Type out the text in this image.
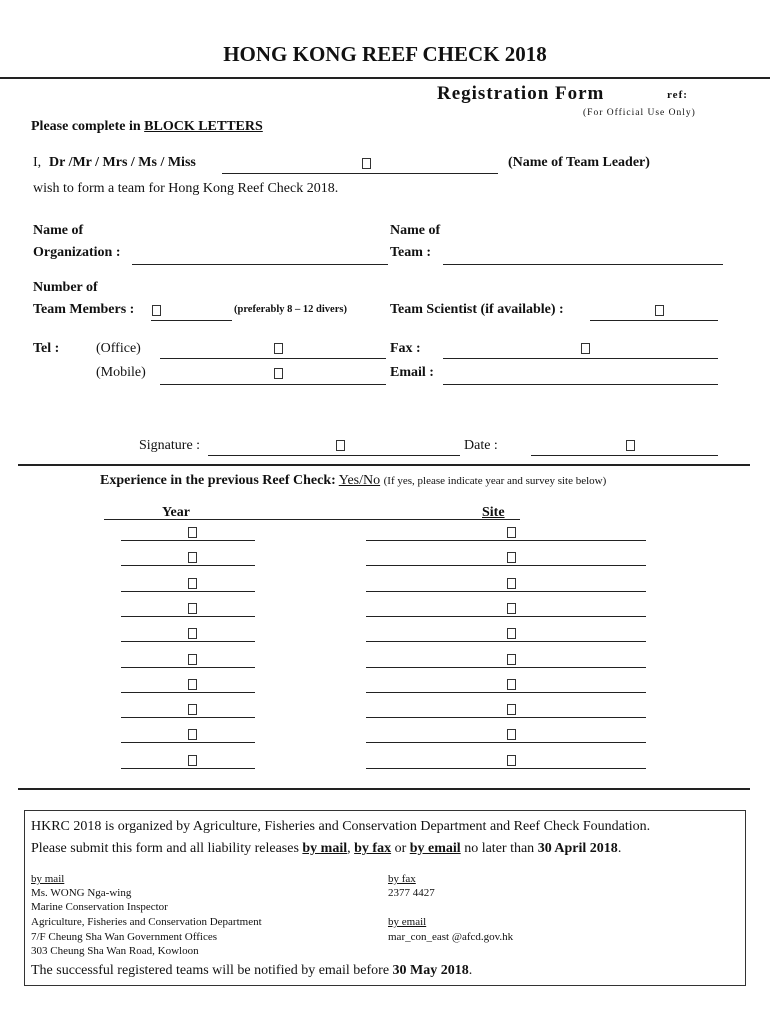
HONG KONG REEF CHECK 2018
Registration Form	ref:
(For Official Use Only)
Please complete in BLOCK LETTERS
I, Dr /Mr / Mrs / Ms / Miss	(Name of Team Leader)
wish to form a team for Hong Kong Reef Check 2018.
Name of
Organization :
Name of
Team :
Number of
Team Members :	(preferably 8 – 12 divers)	Team Scientist (if available) :
Tel :	(Office)
(Mobile)
Fax :
Email :
Signature :	Date :
Experience in the previous Reef Check: Yes/No (If yes, please indicate year and survey site below)
Year	Site
HKRC 2018 is organized by Agriculture, Fisheries and Conservation Department and Reef Check Foundation.
Please submit this form and all liability releases by mail, by fax or by email no later than 30 April 2018.
by mail
Ms. WONG Nga-wing
Marine Conservation Inspector
Agriculture, Fisheries and Conservation Department
7/F Cheung Sha Wan Government Offices
303 Cheung Sha Wan Road, Kowloon
by fax
2377 4427
by email
mar_con_east @afcd.gov.hk
The successful registered teams will be notified by email before 30 May 2018.
